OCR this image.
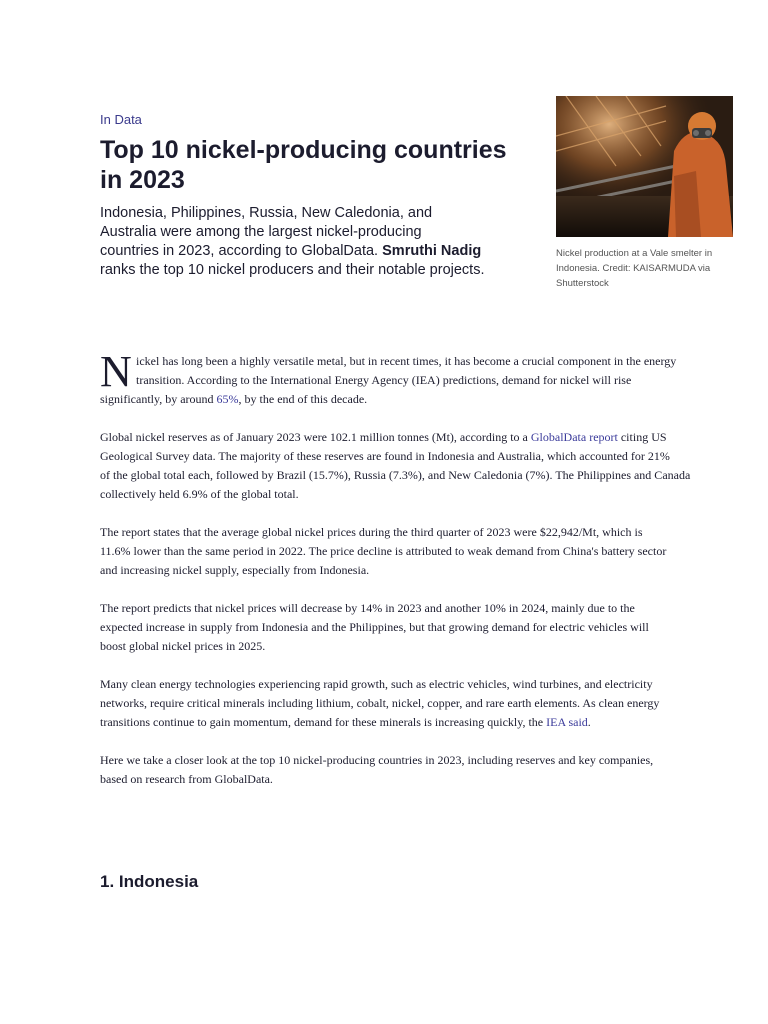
In Data
Top 10 nickel-producing countries
in 2023

Indonesia, Philippines, Russia, New Caledonia, and
Australia were among the largest nickel-producing
countries in 2023, according to GlobalData. Smruthi Nadig
ranks the top 10 nickel producers and their notable projects.

Nickel production at a Vale smelter in
Indonesia. Credit: KAISARMUDA via
Shutterstock
N ickel has long been a highly versatile metal, but in recent times, it has become a crucial component in the energy
transition. According to the International Energy Agency (IEA) predictions, demand for nickel will rise
significantly, by around 65%, by the end of this decade.
Global nickel reserves as of January 2023 were 102.1 million tonnes (Mt), according to a GlobalData report citing US
Geological Survey data. The majority of these reserves are found in Indonesia and Australia, which accounted for 21%
of the global total each, followed by Brazil (15.7%), Russia (7.3%), and New Caledonia (7%). The Philippines and Canada
collectively held 6.9% of the global total.
The report states that the average global nickel prices during the third quarter of 2023 were $22,942/Mt, which is
11.6% lower than the same period in 2022. The price decline is attributed to weak demand from China's battery sector
and increasing nickel supply, especially from Indonesia.
The report predicts that nickel prices will decrease by 14% in 2023 and another 10% in 2024, mainly due to the
expected increase in supply from Indonesia and the Philippines, but that growing demand for electric vehicles will
boost global nickel prices in 2025.
Many clean energy technologies experiencing rapid growth, such as electric vehicles, wind turbines, and electricity
networks, require critical minerals including lithium, cobalt, nickel, copper, and rare earth elements. As clean energy
transitions continue to gain momentum, demand for these minerals is increasing quickly, the IEA said.
Here we take a closer look at the top 10 nickel-producing countries in 2023, including reserves and key companies,
based on research from GlobalData.
1. Indonesia
